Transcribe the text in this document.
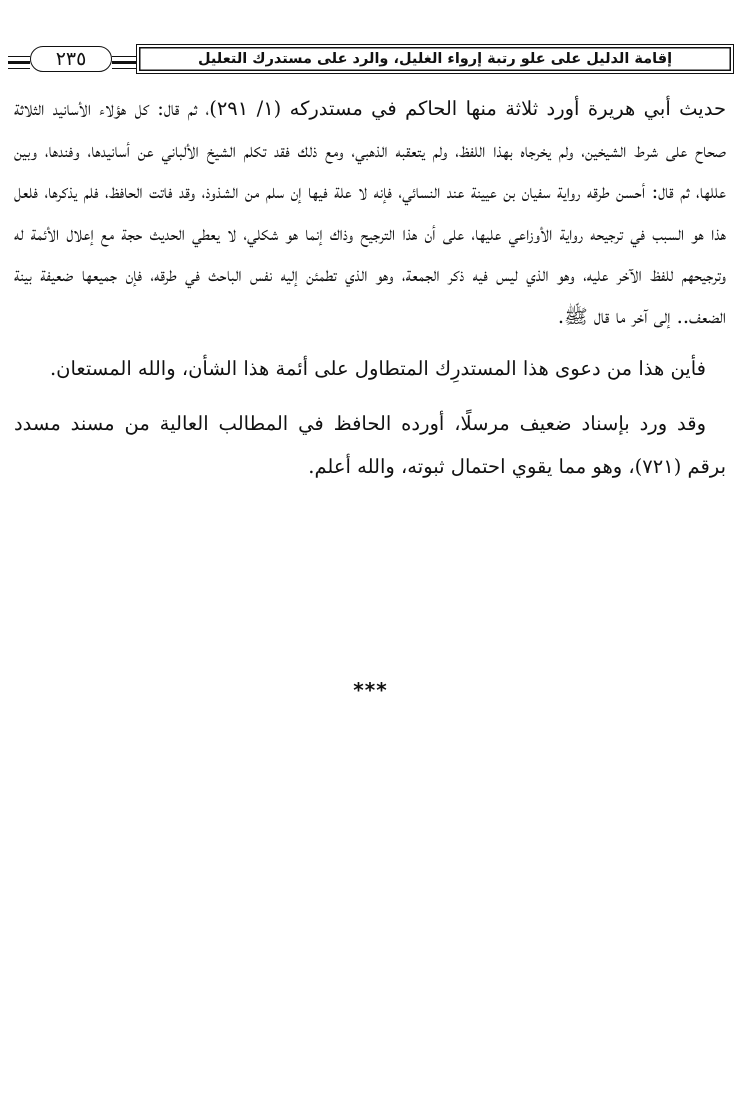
٢٣٥	إقامة الدليل على علو رتبة إرواء الغليل، والرد على مستدرك التعليل

حديث أبي هريرة أورد ثلاثة منها الحاكم في مستدركه (١/ ٢٩١)، ثم قال: كل هؤلاء الأسانيد الثلاثة صحاح على شرط الشيخين، ولم يخرجاه بهذا اللفظ، ولم يتعقبه الذهبي، ومع ذلك فقد تكلم الشيخ الألباني عن أسانيدها، وفندها، وبين عللها، ثم قال: أحسن طرقه رواية سفيان بن عيينة عند النسائي، فإنه لا علة فيها إن سلم من الشذوذ، وقد فاتت الحافظ، فلم يذكرها، فلعل هذا هو السبب في ترجيحه رواية الأوزاعي عليها، على أن هذا الترجيح وذاك إنما هو شكلي، لا يعطي الحديث حجة مع إعلال الأئمة له وترجيحهم للفظ الآخر عليه، وهو الذي ليس فيه ذكر الجمعة، وهو الذي تطمئن إليه نفس الباحث في طرقه، فإن جميعها ضعيفة بينة الضعف.. إلى آخر ما قال ﷺ.

فأين هذا من دعوى هذا المستدرِك المتطاول على أئمة هذا الشأن، والله المستعان.

وقد ورد بإسناد ضعيف مرسلًا، أورده الحافظ في المطالب العالية من مسند مسدد برقم (٧٢١)، وهو مما يقوي احتمال ثبوته، والله أعلم.

***
